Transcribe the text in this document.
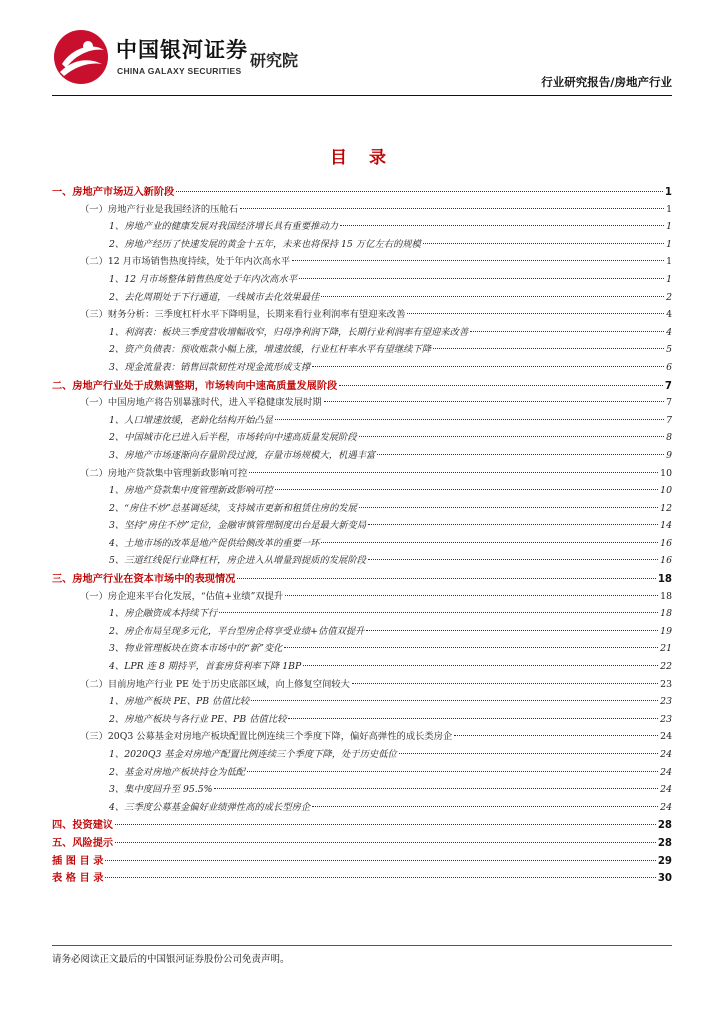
中国银河证券
CHINA GALAXY SECURITIES
研究院
行业研究报告/房地产行业
目 录
一、房地产市场迈入新阶段	1
（一）房地产行业是我国经济的压舱石	1
1、房地产业的健康发展对我国经济增长具有重要推动力	1
2、房地产经历了快速发展的黄金十五年，未来也将保持 15 万亿左右的规模	1
（二）12 月市场销售热度持续，处于年内次高水平	1
1、12 月市场整体销售热度处于年内次高水平	1
2、去化周期处于下行通道，一线城市去化效果最佳	2
（三）财务分析：三季度杠杆水平下降明显，长期来看行业利润率有望迎来改善	4
1、利润表：板块三季度营收增幅收窄，归母净利润下降，长期行业利润率有望迎来改善	4
2、资产负债表：预收账款小幅上涨，增速放缓，行业杠杆率水平有望继续下降	5
3、现金流量表：销售回款韧性对现金流形成支撑	6
二、房地产行业处于成熟调整期，市场转向中速高质量发展阶段	7
（一）中国房地产将告别暴涨时代，进入平稳健康发展时期	7
1、人口增速放缓，老龄化结构开始凸显	7
2、中国城市化已进入后半程，市场转向中速高质量发展阶段	8
3、房地产市场逐渐向存量阶段过渡，存量市场规模大，机遇丰富	9
（二）房地产贷款集中管理新政影响可控	10
1、房地产贷款集中度管理新政影响可控	10
2、“房住不炒”总基调延续，支持城市更新和租赁住房的发展	12
3、坚持“房住不炒”定位，金融审慎管理制度出台是最大新变局	14
4、土地市场的改革是地产促供给侧改革的重要一环	16
5、三道红线促行业降杠杆，房企进入从增量到提质的发展阶段	16
三、房地产行业在资本市场中的表现情况	18
（一）房企迎来平台化发展，“估值+业绩”双提升	18
1、房企融资成本持续下行	18
2、房企布局呈现多元化，平台型房企将享受业绩+估值双提升	19
3、物业管理板块在资本市场中的“新”变化	21
4、LPR 连 8 期持平，首套房贷利率下降 1BP	22
（二）目前房地产行业 PE 处于历史底部区域，向上修复空间较大	23
1、房地产板块 PE、PB 估值比较	23
2、房地产板块与各行业 PE、PB 估值比较	23
（三）20Q3 公募基金对房地产板块配置比例连续三个季度下降，偏好高弹性的成长类房企	24
1、2020Q3 基金对房地产配置比例连续三个季度下降，处于历史低位	24
2、基金对房地产板块持仓为低配	24
3、集中度回升至 95.5%	24
4、三季度公募基金偏好业绩弹性高的成长型房企	24
四、投资建议	28
五、风险提示	28
插 图 目 录	29
表 格 目 录	30
请务必阅读正文最后的中国银河证券股份公司免责声明。
